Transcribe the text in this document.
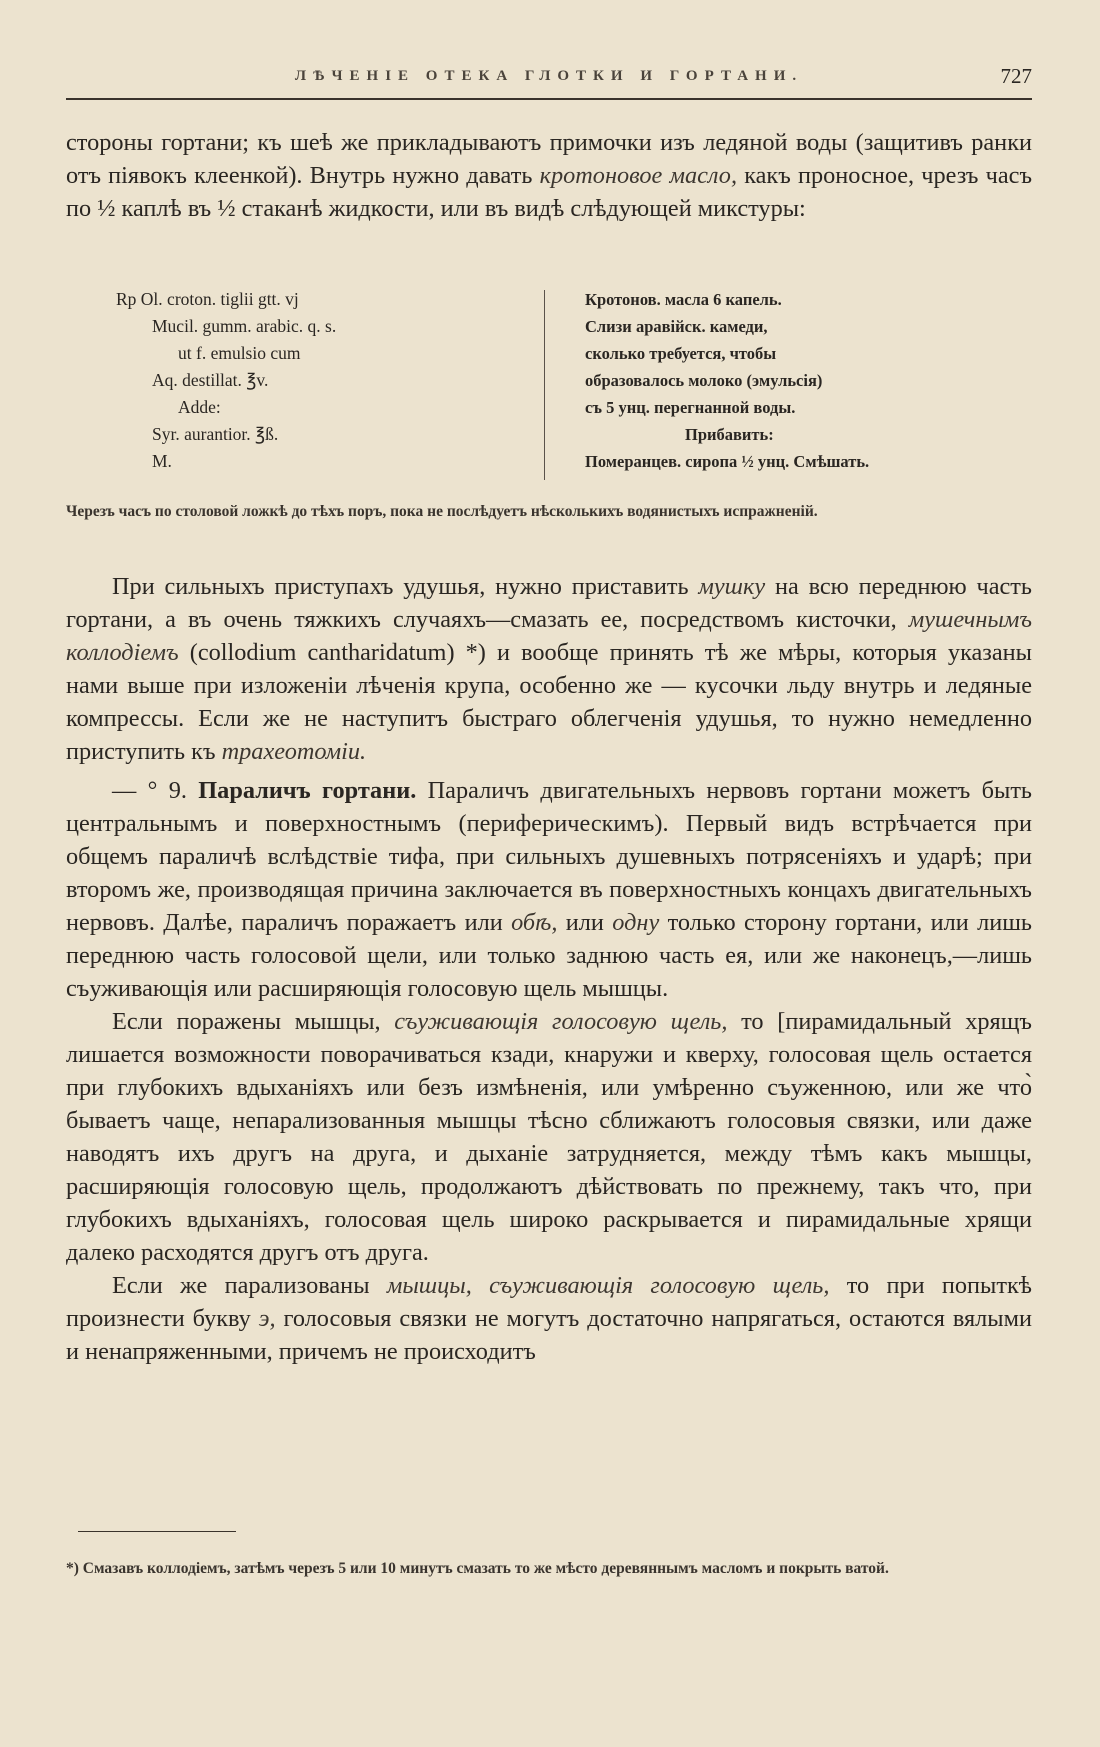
ЛѢЧЕНІЕ ОТЕКА ГЛОТКИ И ГОРТАНИ.	727

стороны гортани; къ шеѣ же прикладываютъ примочки изъ ледяной воды (защитивъ ранки отъ піявокъ клеенкой). Внутрь нужно давать кротоновое масло, какъ проносное, чрезъ часъ по ½ каплѣ въ ½ стаканѣ жидкости, или въ видѣ слѣдующей микстуры:

Rp Ol. croton. tiglii gtt. vj
Mucil. gumm. arabic. q. s.
ut f. emulsio cum
Aq. destillat. ℥v.
Adde:
Syr. aurantior. ℥ß.
M.
Кротонов. масла 6 капель.
Слизи аравійск. камеди,
сколько требуется, чтобы
образовалось молоко (эмульсія)
съ 5 унц. перегнанной воды.
Прибавить:
Померанцев. сиропа ½ унц. Смѣшать.
Черезъ часъ по столовой ложкѣ до тѣхъ поръ, пока не послѣдуетъ нѣсколькихъ водянистыхъ испражненій.

При сильныхъ приступахъ удушья, нужно приставить мушку на всю переднюю часть гортани, а въ очень тяжкихъ случаяхъ—смазать ее, посредствомъ кисточки, мушечнымъ коллодіемъ (collodium cantharidatum) *) и вообще принять тѣ же мѣры, которыя указаны нами выше при изложеніи лѣченія крупа, особенно же — кусочки льду внутрь и ледяные компрессы. Если же не наступитъ быстраго облегченія удушья, то нужно немедленно приступить къ трахеотоміи.

— ° 9. Параличъ гортани. Параличъ двигательныхъ нервовъ гортани можетъ быть центральнымъ и поверхностнымъ (периферическимъ). Первый видъ встрѣчается при общемъ параличѣ вслѣдствіе тифа, при сильныхъ душевныхъ потрясеніяхъ и ударѣ; при второмъ же, производящая причина заключается въ поверхностныхъ концахъ двигательныхъ нервовъ. Далѣе, параличъ поражаетъ или обѣ, или одну только сторону гортани, или лишь переднюю часть голосовой щели, или только заднюю часть ея, или же наконецъ,—лишь съуживающія или расширяющія голосовую щель мышцы.

Если поражены мышцы, съуживающія голосовую щель, то [пирамидальный хрящъ лишается возможности поворачиваться кзади, кнаружи и кверху, голосовая щель остается при глубокихъ вдыханіяхъ или безъ измѣненія, или умѣренно съуженною, или же что̀ бываетъ чаще, непарализованныя мышцы тѣсно сближаютъ голосовыя связки, или даже наводятъ ихъ другъ на друга, и дыханіе затрудняется, между тѣмъ какъ мышцы, расширяющія голосовую щель, продолжаютъ дѣйствовать по прежнему, такъ что, при глубокихъ вдыханіяхъ, голосовая щель широко раскрывается и пирамидальные хрящи далеко расходятся другъ отъ друга.

Если же парализованы мышцы, съуживающія голосовую щель, то при попыткѣ произнести букву э, голосовыя связки не могутъ достаточно напрягаться, остаются вялыми и ненапряженными, причемъ не происходитъ

*) Смазавъ коллодіемъ, затѣмъ черезъ 5 или 10 минутъ смазать то же мѣсто деревяннымъ масломъ и покрыть ватой.
